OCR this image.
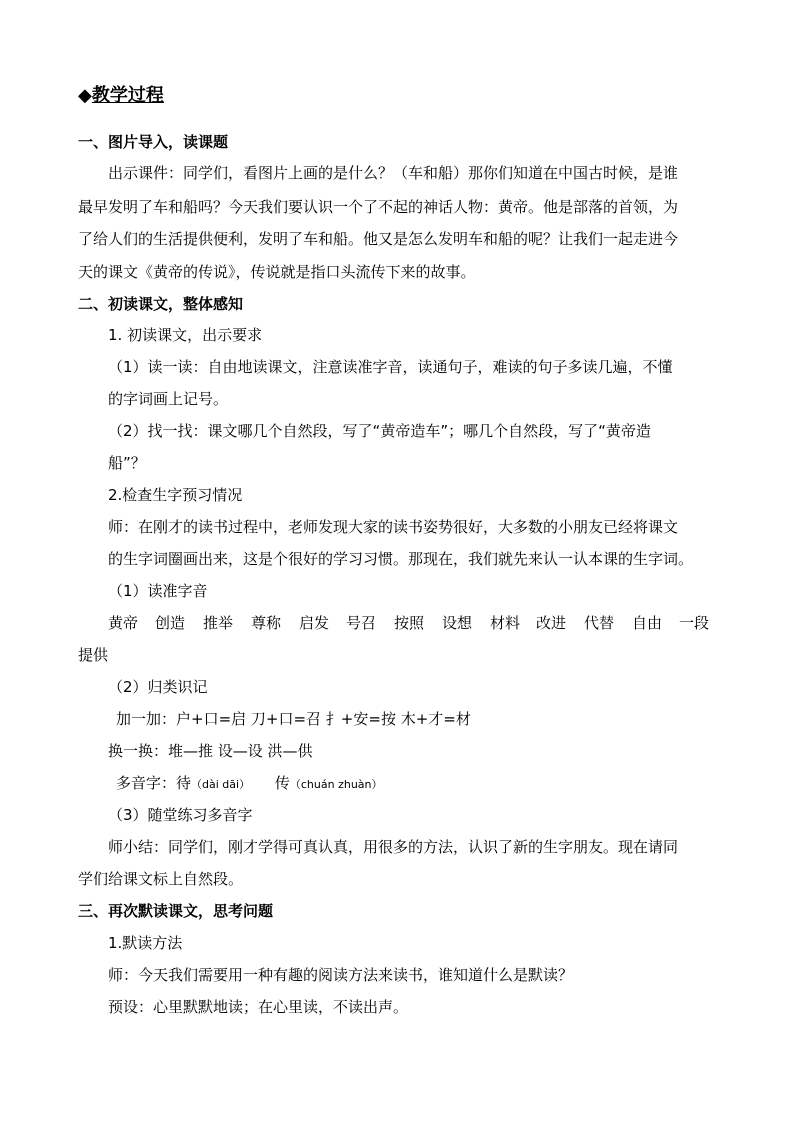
◆教学过程
一、图片导入，读课题
出示课件：同学们，看图片上画的是什么？（车和船）那你们知道在中国古时候，是谁
最早发明了车和船吗？今天我们要认识一个了不起的神话人物：黄帝。他是部落的首领，为
了给人们的生活提供便利，发明了车和船。他又是怎么发明车和船的呢？让我们一起走进今
天的课文《黄帝的传说》，传说就是指口头流传下来的故事。
二、初读课文，整体感知
1. 初读课文，出示要求
（1）读一读：自由地读课文，注意读准字音，读通句子，难读的句子多读几遍，不懂
的字词画上记号。
（2）找一找：课文哪几个自然段，写了“黄帝造车”；哪几个自然段，写了“黄帝造
船”？
2.检查生字预习情况
师：在刚才的读书过程中，老师发现大家的读书姿势很好，大多数的小朋友已经将课文
的生字词圈画出来，这是个很好的学习习惯。那现在，我们就先来认一认本课的生字词。
（1）读准字音
黄帝 创造 推举 尊称 启发 号召 按照 设想 材料 改进 代替 自由 一段
提供
（2）归类识记
加一加：户+口=启 刀+口=召 扌+安=按 木+才=材
换一换：堆—推 设—设 洪—供
多音字：待（dài dāi） 传（chuán zhuàn）
（3）随堂练习多音字
师小结：同学们，刚才学得可真认真，用很多的方法，认识了新的生字朋友。现在请同
学们给课文标上自然段。
三、再次默读课文，思考问题
1.默读方法
师：今天我们需要用一种有趣的阅读方法来读书，谁知道什么是默读？
预设：心里默默地读；在心里读，不读出声。
